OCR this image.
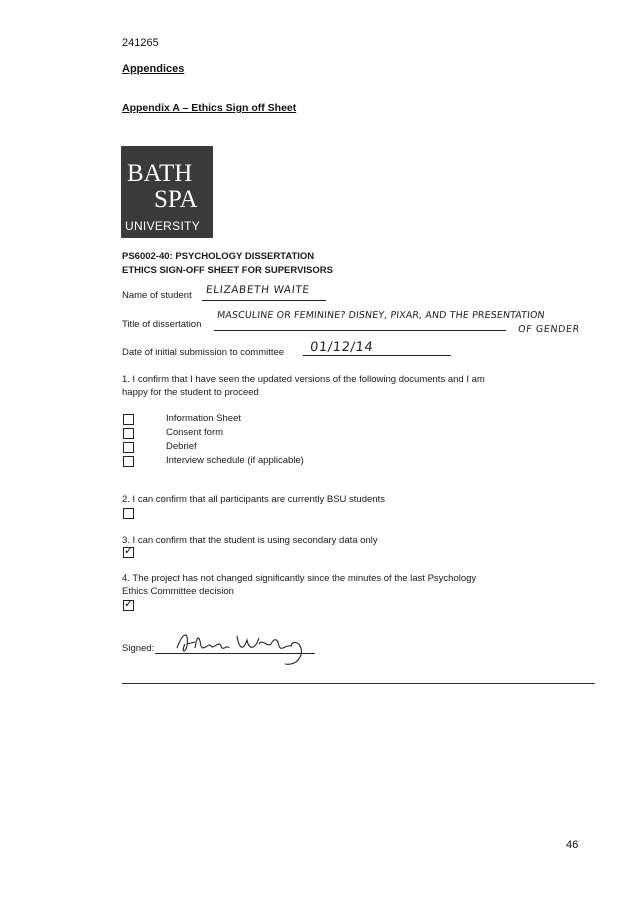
241265
Appendices
Appendix A – Ethics Sign off Sheet
BATH
SPA
UNIVERSITY
PS6002-40: PSYCHOLOGY DISSERTATION
ETHICS SIGN-OFF SHEET FOR SUPERVISORS
Name of student ELIZABETH WAITE
Title of dissertation
MASCULINE OR FEMININE? DISNEY, PIXAR, AND THE PRESENTATION
OF GENDER
Date of initial submission to committee 01/12/14
1. I confirm that I have seen the updated versions of the following documents and I am
happy for the student to proceed
Information Sheet
Consent form
Debrief
Interview schedule (if applicable)
2. I can confirm that all participants are currently BSU students
3. I can confirm that the student is using secondary data only
✓
4. The project has not changed significantly since the minutes of the last Psychology
Ethics Committee decision
✓
Signed:
46
